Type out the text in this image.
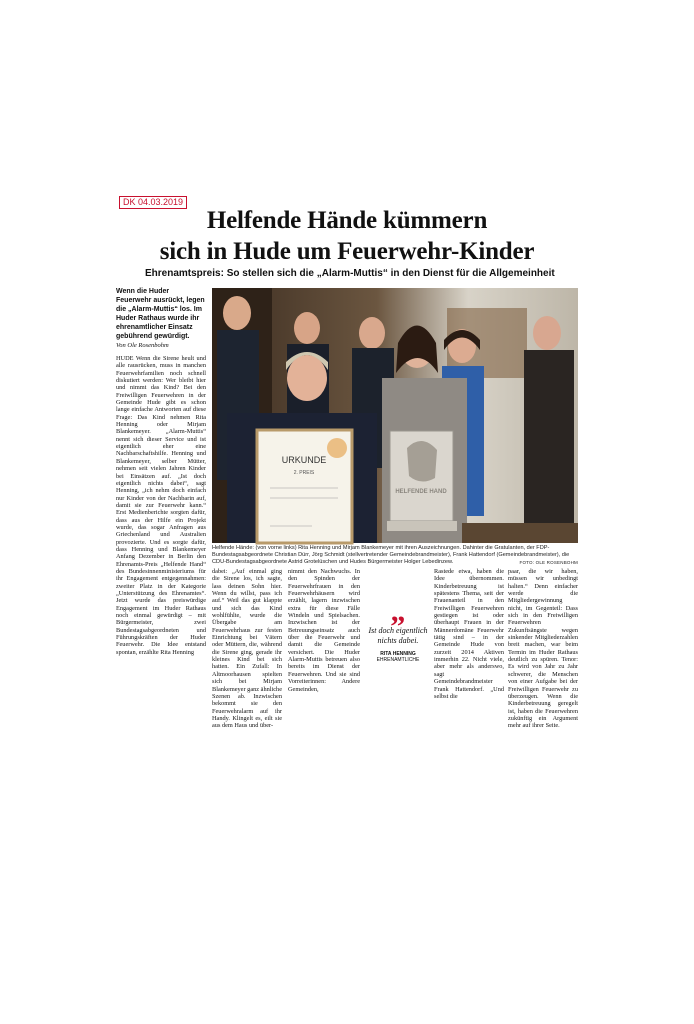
DK 04.03.2019
Helfende Hände kümmern
sich in Hude um Feuerwehr-Kinder
Ehrenamtspreis: So stellen sich die „Alarm-Muttis“ in den Dienst für die Allgemeinheit
Wenn die Huder Feuerwehr ausrückt, legen die „Alarm-Muttis“ los. Im Huder Rathaus wurde ihr ehrenamtlicher Einsatz gebührend gewürdigt.
Von Ole Rosenbohm
URKUNDE
2. PREIS
HELFENDE HAND
Helfende Hände: (von vorne links) Rita Henning und Mirjam Blankemeyer mit ihren Auszeichnungen. Dahinter die Gratulanten, der FDP-Bundestagsabgeordnete Christian Dürr, Jörg Schmidt (stellvertretender Gemeindebrandmeister), Frank Hattendorf (Gemeindebrandmeister), die CDU-Bundestagsabgeordnete Astrid Grotelüschen und Hudes Bürgermeister Holger Lebedinzew.	FOTO: OLE ROSENBOHM
HUDE Wenn die Sirene heult und alle rausrücken, muss in manchen Feuerwehrfamilien noch schnell diskutiert werden: Wer bleibt hier und nimmt das Kind? Bei den Freiwilligen Feuerwehren in der Gemeinde Hude gibt es schon lange einfache Antworten auf diese Frage: Das Kind nehmen Rita Henning oder Mirjam Blankemeyer. „Alarm-Muttis“ nennt sich dieser Service und ist eigentlich eher eine Nachbarschaftshilfe. Henning und Blankemeyer, selber Mütter, nehmen seit vielen Jahren Kinder bei Einsätzen auf. „Ist doch eigentlich nichts dabei“, sagt Henning, „ich nehm doch einfach nur Kinder von der Nachbarin auf, damit sie zur Feuerwehr kann.“ Erst Medienberichte sorgten dafür, dass aus der Hilfe ein Projekt wurde, das sogar Anfragen aus Griechenland und Australien provozierte. Und es sorgte dafür, dass Henning und Blankemeyer Anfang Dezember in Berlin den Ehrenamts-Preis „Helfende Hand“ des Bundesinnenministeriums für ihr Engagement entgegennahmen: zweiter Platz in der Kategorie „Unterstützung des Ehrenamtes“. Jetzt wurde das preiswürdige Engagement im Huder Rathaus noch einmal gewürdigt – mit Bürgermeister, zwei Bundestagsabgeordneten und Führungskräften der Huder Feuerwehr. Die Idee entstand spontan, erzählte Rita Henning
dabei: „Auf einmal ging die Sirene los, ich sagte, lass deinen Sohn hier. Wenn du willst, pass ich auf.“ Weil das gut klappte und sich das Kind wohlfühlte, wurde die Übergabe am Feuerwehrhaus zur festen Einrichtung bei Vätern oder Müttern, die, während die Sirene ging, gerade ihr kleines Kind bei sich hatten. Ein Zufall: In Altmoorhausen spielten sich bei Mirjam Blankemeyer ganz ähnliche Szenen ab. Inzwischen bekommt sie den Feuerwehralarm auf ihr Handy. Klingelt es, eilt sie aus dem Haus und über-
nimmt den Nachwuchs. In den Spinden der Feuerwehrfrauen in den Feuerwehrhäusern wird erzählt, lagern inzwischen extra für diese Fälle Windeln und Spielsachen. Inzwischen ist der Betreuungseinsatz auch über die Feuerwehr und damit die Gemeinde versichert. Die Huder Alarm-Muttis betreuen also bereits im Dienst der Feuerwehren. Und sie sind Vorreiterinnen: Andere Gemeinden,
Rastede etwa, haben die Idee übernommen. Kinderbetreuung ist spätestens Thema, seit der Frauenanteil in den Freiwilligen Feuerwehren gestiegen ist oder überhaupt Frauen in der Männerdomäne Feuerwehr tätig sind – in der Gemeinde Hude von zurzeit 2014 Aktiven immerhin 22. Nicht viele, aber mehr als anderswo, sagt Gemeindebrandmeister Frank Hattendorf. „Und selbst die
paar, die wir haben, müssen wir unbedingt halten.“ Denn einfacher werde die Mitgliedergewinnung nicht, im Gegenteil: Dass sich in den Freiwilligen Feuerwehren Zukunftsängste wegen sinkender Mitgliederzahlen breit machen, war beim Termin im Huder Rathaus deutlich zu spüren. Tenor: Es wird von Jahr zu Jahr schwerer, die Menschen von einer Aufgabe bei der Freiwilligen Feuerwehr zu überzeugen. Wenn die Kinderbetreuung geregelt ist, haben die Feuerwehren zukünftig ein Argument mehr auf ihrer Seite.
„
Ist doch eigentlich nichts dabei.
RITA HENNING
EHRENAMTLICHE
